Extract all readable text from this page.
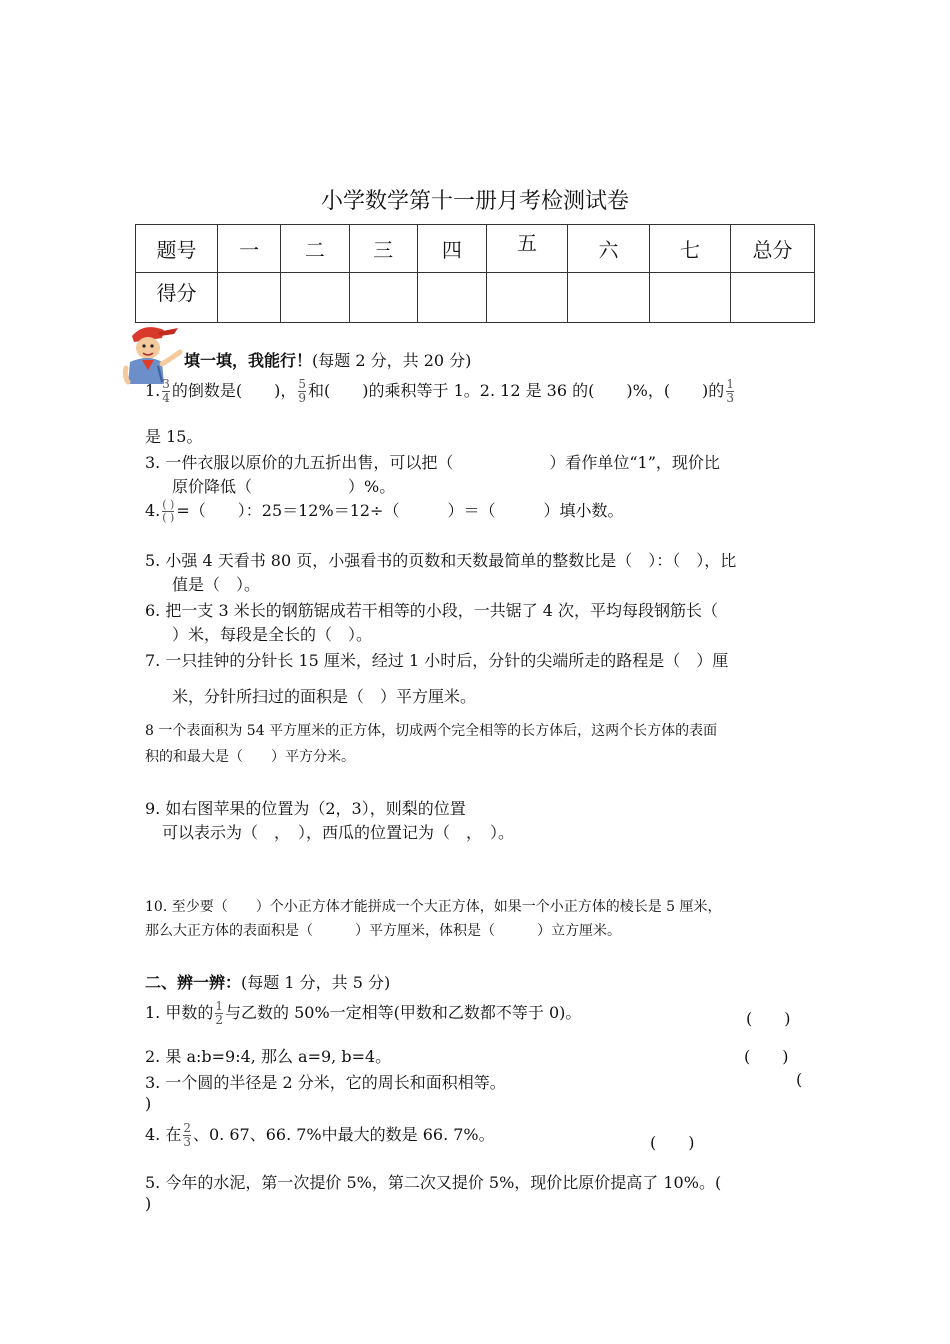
小学数学第十一册月考检测试卷
题号	一	二	三	四	五	六	七	总分
得分								
填一填，我能行！(每题 2 分，共 20 分)
1. $\frac{3}{4}$ 的倒数是(　　)， $\frac{5}{9}$ 和(　　)的乘积等于 1。2. 12 是 36 的(　　)%，(　　)的 $\frac{1}{3}$
是 15。
3. 一件衣服以原价的九五折出售，可以把（　　　　　　）看作单位“1”，现价比
原价降低（　　　　　　）%。
4. $\frac{( )}{( )}$ =（　　）：25＝12%＝12÷（　　　）＝（　　　）填小数。
5. 小强 4 天看书 80 页，小强看书的页数和天数最简单的整数比是（　）：（　），比
值是（　）。
6. 把一支 3 米长的钢筋锯成若干相等的小段，一共锯了 4 次，平均每段钢筋长（
）米，每段是全长的（　）。
7. 一只挂钟的分针长 15 厘米，经过 1 小时后，分针的尖端所走的路程是（　）厘
米，分针所扫过的面积是（　）平方厘米。
8 一个表面积为 54 平方厘米的正方体，切成两个完全相等的长方体后，这两个长方体的表面
积的和最大是（　　）平方分米。
9. 如右图苹果的位置为（2，3），则梨的位置
可以表示为（　，　），西瓜的位置记为（　，　）。
10. 至少要（　　）个小正方体才能拼成一个大正方体，如果一个小正方体的棱长是 5 厘米，
那么大正方体的表面积是（　　　）平方厘米，体积是（　　　）立方厘米。
二、辨一辨：(每题 1 分，共 5 分)
1. 甲数的 $\frac{1}{2}$ 与乙数的 50%一定相等(甲数和乙数都不等于 0)。	(　　)
2. 果 a:b=9:4, 那么 a=9, b=4。	(　　)
3. 一个圆的半径是 2 分米，它的周长和面积相等。	(
)
4. 在 $\frac{2}{3}$ 、0. 67、66. 7%中最大的数是 66. 7%。	(　　)
5. 今年的水泥，第一次提价 5%，第二次又提价 5%，现价比原价提高了 10%。(
)
